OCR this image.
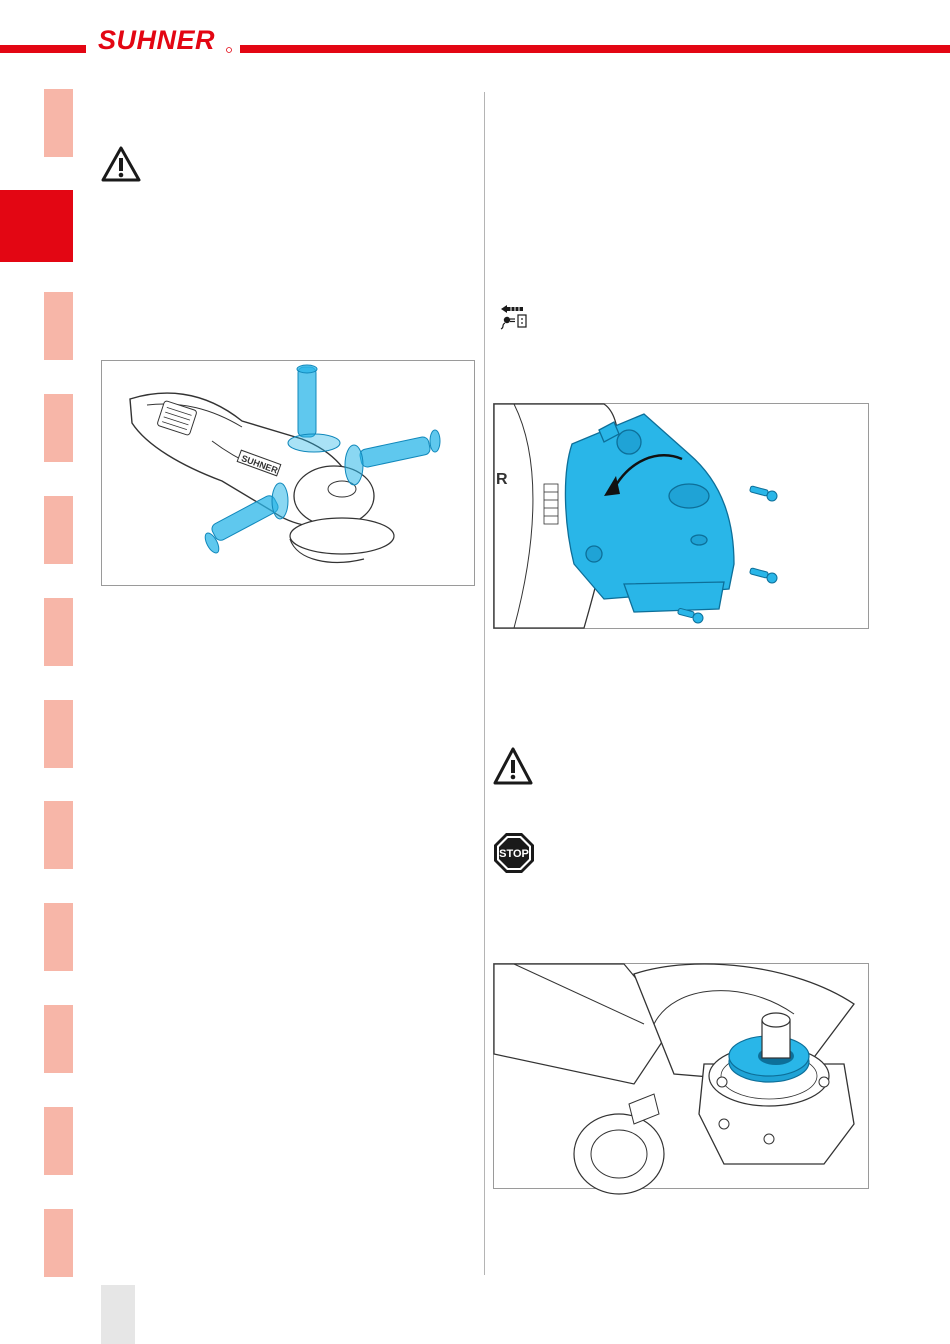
SUHNER
DE
FR
EN
IT
ES
PT
NL
SE
FI
CZ
PL
CN
SUHNER
R
STOP
